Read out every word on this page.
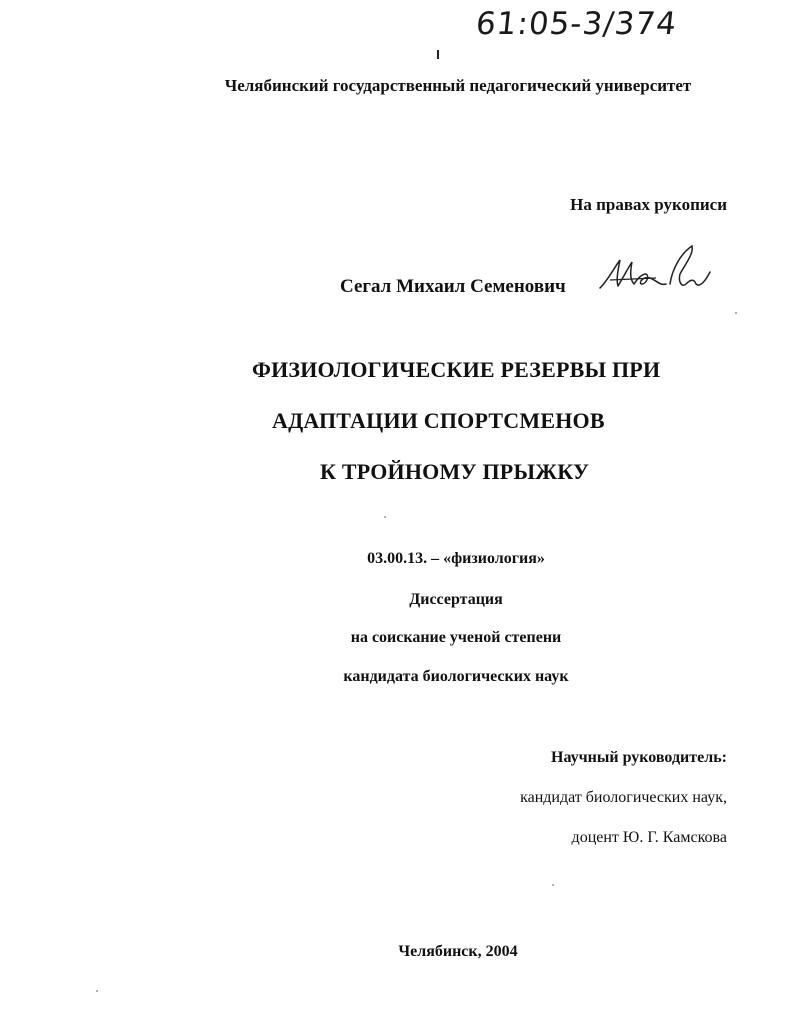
61:05-3/374
Челябинский государственный педагогический университет
На правах рукописи
Сегал Михаил Семенович
ФИЗИОЛОГИЧЕСКИЕ РЕЗЕРВЫ ПРИ
АДАПТАЦИИ СПОРТСМЕНОВ
К ТРОЙНОМУ ПРЫЖКУ
03.00.13. – «физиология»
Диссертация
на соискание ученой степени
кандидата биологических наук
Научный руководитель:
кандидат биологических наук,
доцент Ю. Г. Камскова
Челябинск, 2004
